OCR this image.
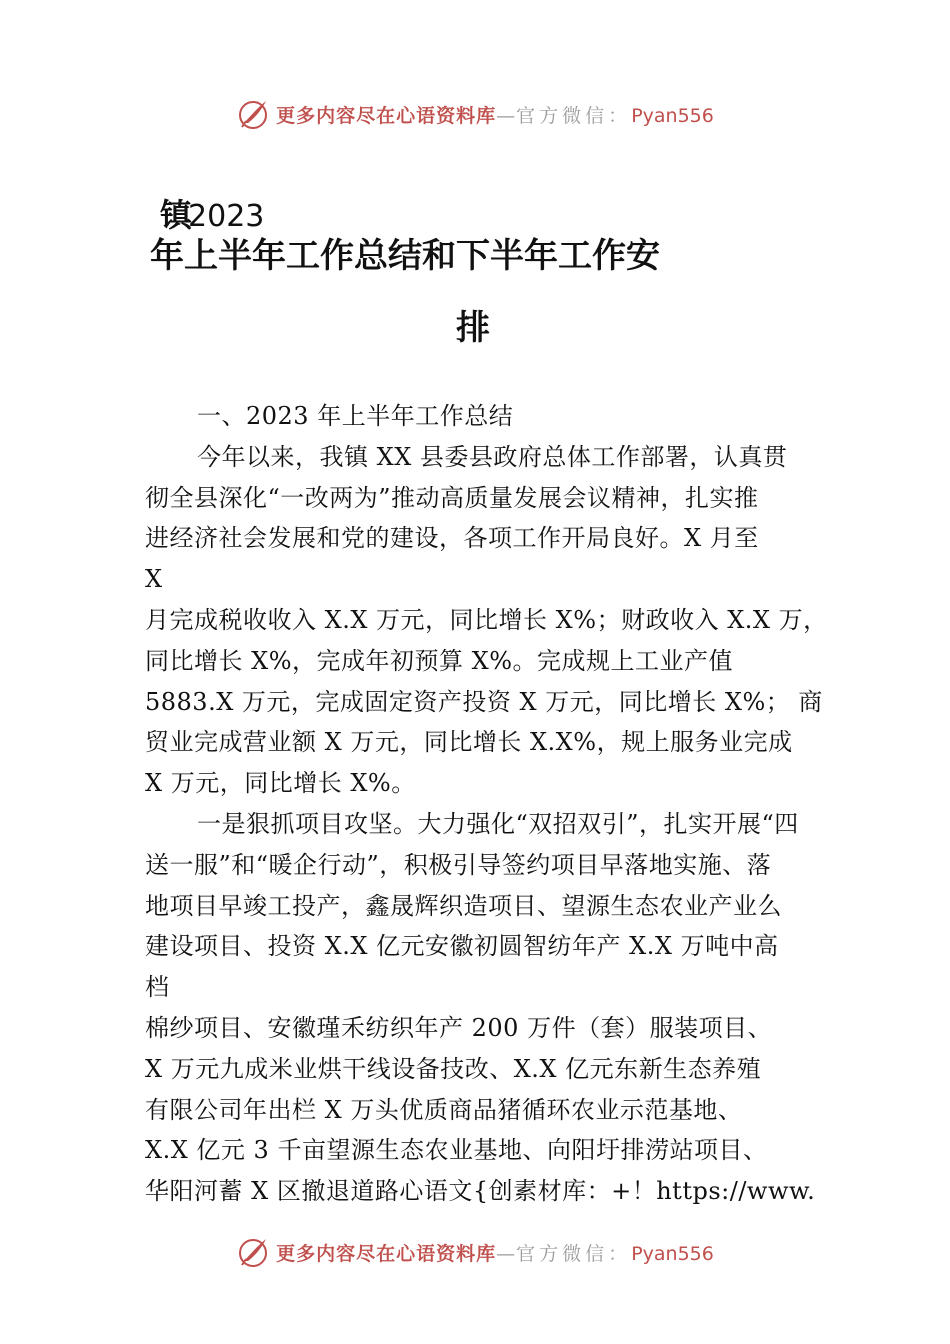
更多内容尽在心语资料库—官方微信：Pyan556
镇2023
年上半年工作总结和下半年工作安
排
一、2023 年上半年工作总结
今年以来，我镇 XX 县委县政府总体工作部署，认真贯
彻全县深化“一改两为”推动高质量发展会议精神，扎实推
进经济社会发展和党的建设，各项工作开局良好。X 月至
X
月完成税收收入 X.X 万元，同比增长 X%；财政收入 X.X 万，
同比增长 X%，完成年初预算 X%。完成规上工业产值
5883.X 万元，完成固定资产投资 X 万元，同比增长 X%； 商
贸业完成营业额 X 万元，同比增长 X.X%，规上服务业完成
X 万元，同比增长 X%。
一是狠抓项目攻坚。大力强化“双招双引”，扎实开展“四
送一服”和“暖企行动”，积极引导签约项目早落地实施、落
地项目早竣工投产，鑫晟辉织造项目、望源生态农业产业么
建设项目、投资 X.X 亿元安徽初圆智纺年产 X.X 万吨中高
档
棉纱项目、安徽瑾禾纺织年产 200 万件（套）服装项目、
X 万元九成米业烘干线设备技改、X.X 亿元东新生态养殖
有限公司年出栏 X 万头优质商品猪循环农业示范基地、
X.X 亿元 3 千亩望源生态农业基地、向阳圩排涝站项目、
华阳河蓄 X 区撤退道路心语文{创素材库：+！https://www.
更多内容尽在心语资料库—官方微信：Pyan556
